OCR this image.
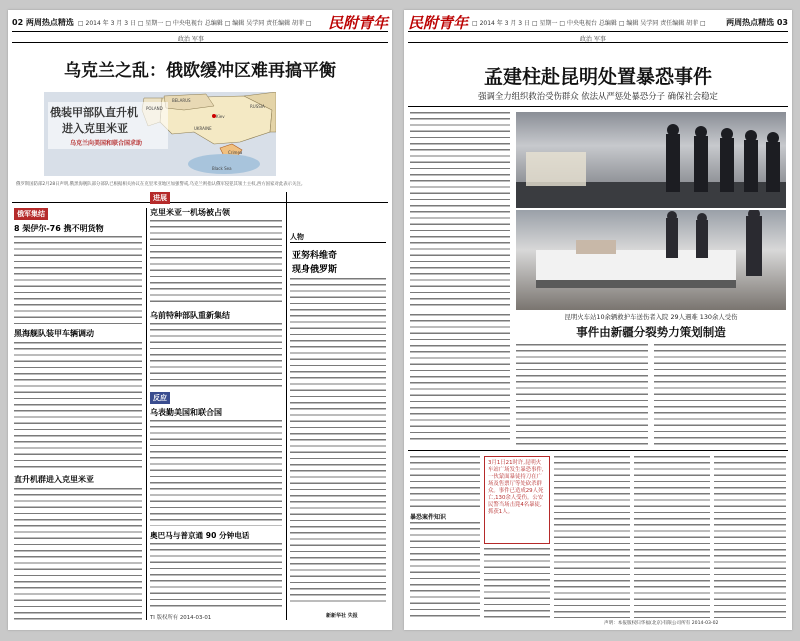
02 两周热点精选 □ 2014 年 3 月 3 日 □ 星期一 □ 中央电视台 总编辑 □ 编辑 吴学同 责任编辑 胡菲 □	民附青年
政治 军事
乌克兰之乱：俄欧缓冲区难再搞平衡
俄装甲部队直升机
进入克里米亚
乌克兰向美国和联合国求助
BELARUS
POLAND	RUSSIA
UKRAINE
Kiev
Crimea
Black Sea
俄罗斯国防部2月28日声明,俄黑海舰队部分部队已根据相关协议在克里米亚地区加强警戒,乌克兰则指认俄军侵犯其领土主权,西方国家对此表示关注。
俄军集结
8 架伊尔-76 携不明货物
黑海舰队装甲车辆调动
直升机群进入克里米亚
进展
克里米亚一机场被占领
乌前特种部队重新集结
反应
乌表勤美国和联合国
奥巴马与普京通 90 分钟电话
TI 版权所有 2014-03-01
人物
亚努科维奇
现身俄罗斯
新新华社 失报
民附青年 □ 2014 年 3 月 3 日 □ 星期一 □ 中央电视台 总编辑 □ 编辑 吴学同 责任编辑 胡菲 □	两周热点精选 03
政治 军事
孟建柱赴昆明处置暴恐事件
强调全力组织救治受伤群众 依法从严惩处暴恐分子 确保社会稳定
昆明火车站10余辆救护车送伤者入院 29人遇难 130余人受伤
事件由新疆分裂势力策划制造
暴恐案件知识
3月1日21时许,昆明火车站广场发生暴恐事件,一伙蒙面暴徒持刀在广场及售票厅等处砍杀群众。事件已造成29人死亡,130余人受伤。公安民警当场击毙4名暴徒,抓获1人。
声明：本报版权归华福(北京)有限公司所有 2014-03-02
